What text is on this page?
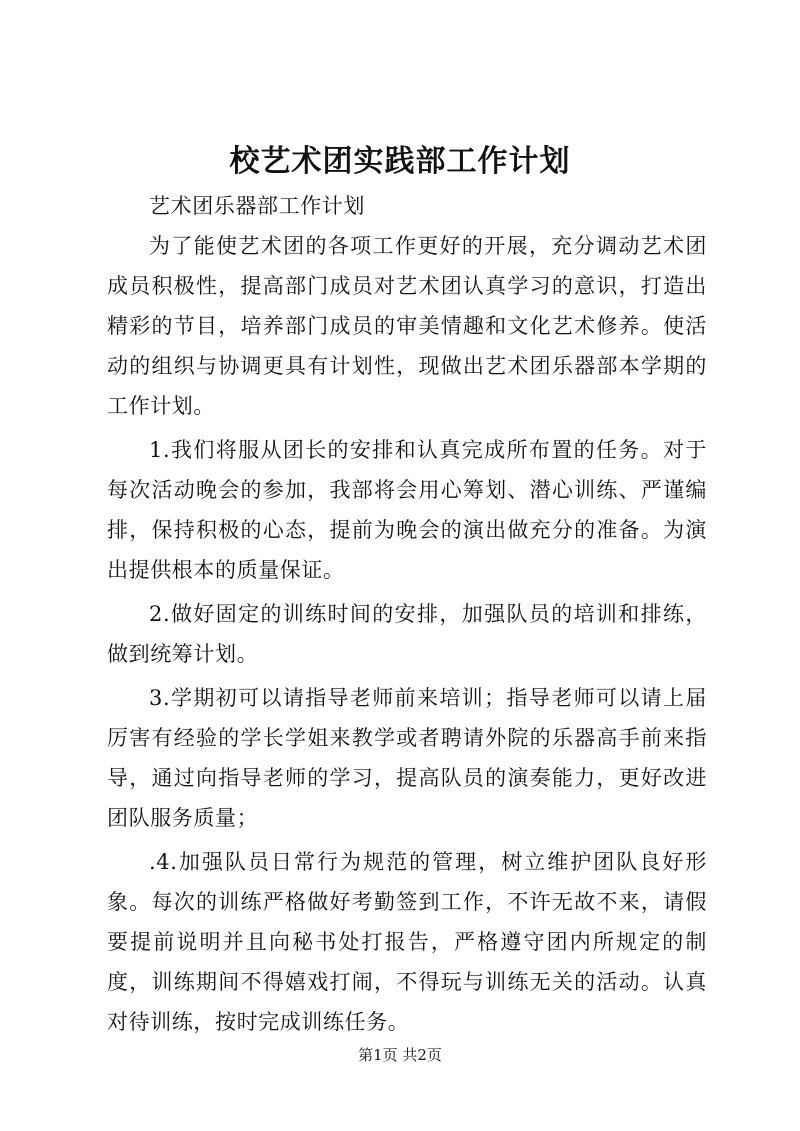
校艺术团实践部工作计划

艺术团乐器部工作计划

为了能使艺术团的各项工作更好的开展，充分调动艺术团成员积极性，提高部门成员对艺术团认真学习的意识，打造出精彩的节目，培养部门成员的审美情趣和文化艺术修养。使活动的组织与协调更具有计划性，现做出艺术团乐器部本学期的工作计划。

1.我们将服从团长的安排和认真完成所布置的任务。对于每次活动晚会的参加，我部将会用心筹划、潜心训练、严谨编排，保持积极的心态，提前为晚会的演出做充分的准备。为演出提供根本的质量保证。

2.做好固定的训练时间的安排，加强队员的培训和排练，做到统筹计划。

3.学期初可以请指导老师前来培训；指导老师可以请上届厉害有经验的学长学姐来教学或者聘请外院的乐器高手前来指导，通过向指导老师的学习，提高队员的演奏能力，更好改进团队服务质量；

.4.加强队员日常行为规范的管理，树立维护团队良好形象。每次的训练严格做好考勤签到工作，不许无故不来，请假要提前说明并且向秘书处打报告，严格遵守团内所规定的制度，训练期间不得嬉戏打闹，不得玩与训练无关的活动。认真对待训练，按时完成训练任务。

第1页 共2页
